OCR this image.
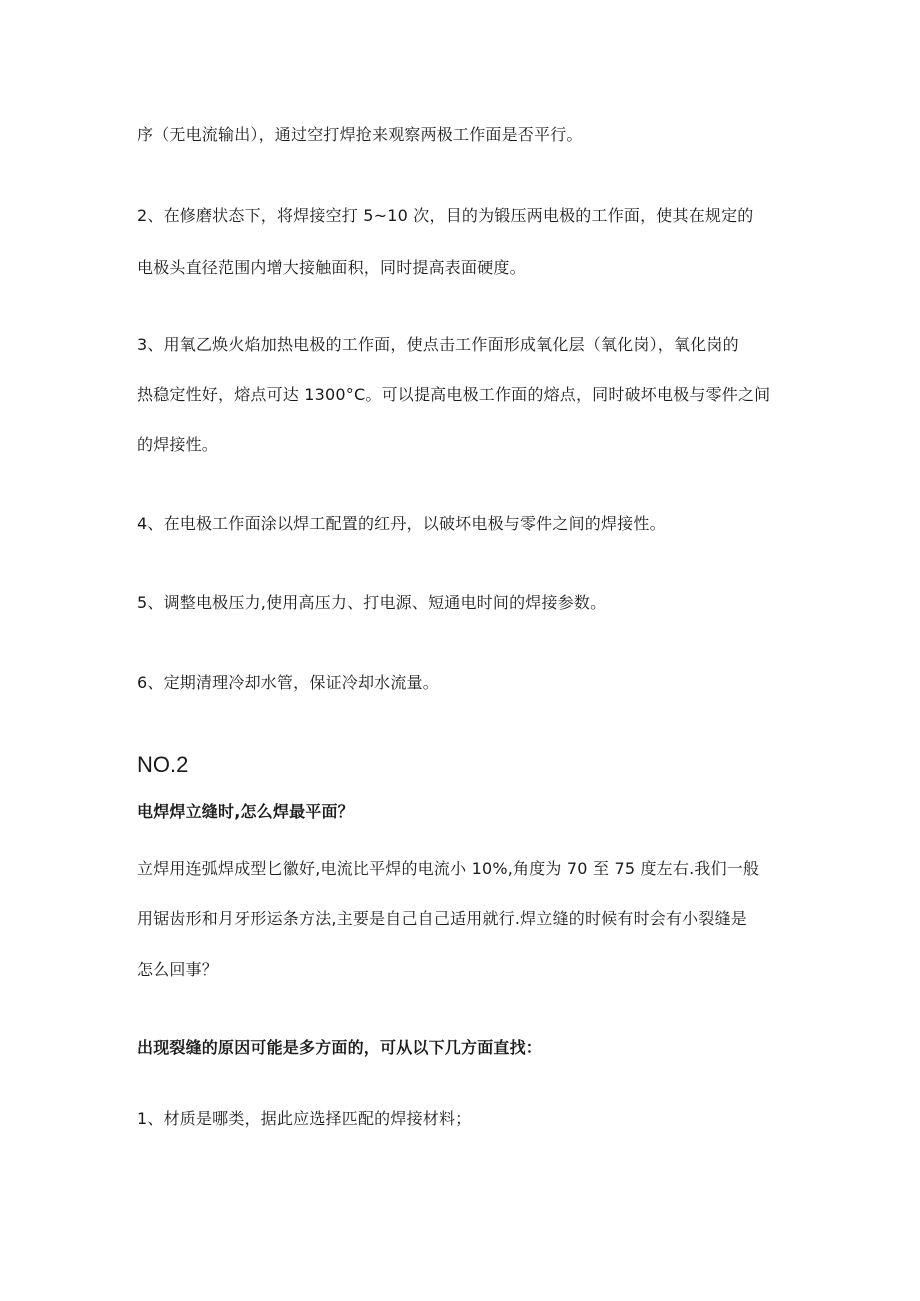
序（无电流输出），通过空打焊抢来观察两极工作面是否平行。
2、在修磨状态下，将焊接空打 5~10 次，目的为锻压两电极的工作面，使其在规定的
电极头直径范围内增大接触面积，同时提高表面硬度。
3、用氧乙焕火焰加热电极的工作面，使点击工作面形成氧化层（氧化岗），氧化岗的
热稳定性好，熔点可达 1300°C。可以提高电极工作面的熔点，同时破坏电极与零件之间
的焊接性。
4、在电极工作面涂以焊工配置的红丹，以破坏电极与零件之间的焊接性。
5、调整电极压力,使用高压力、打电源、短通电时间的焊接参数。
6、定期清理冷却水管，保证冷却水流量。
NO.2
电焊焊立缝时,怎么焊最平面？
立焊用连弧焊成型匕徽好,电流比平焊的电流小 10%,角度为 70 至 75 度左右.我们一般
用锯齿形和月牙形运条方法,主要是自己自己适用就行.焊立缝的时候有时会有小裂缝是
怎么回事？
出现裂缝的原因可能是多方面的，可从以下几方面直找：
1、材质是哪类，据此应选择匹配的焊接材料；
